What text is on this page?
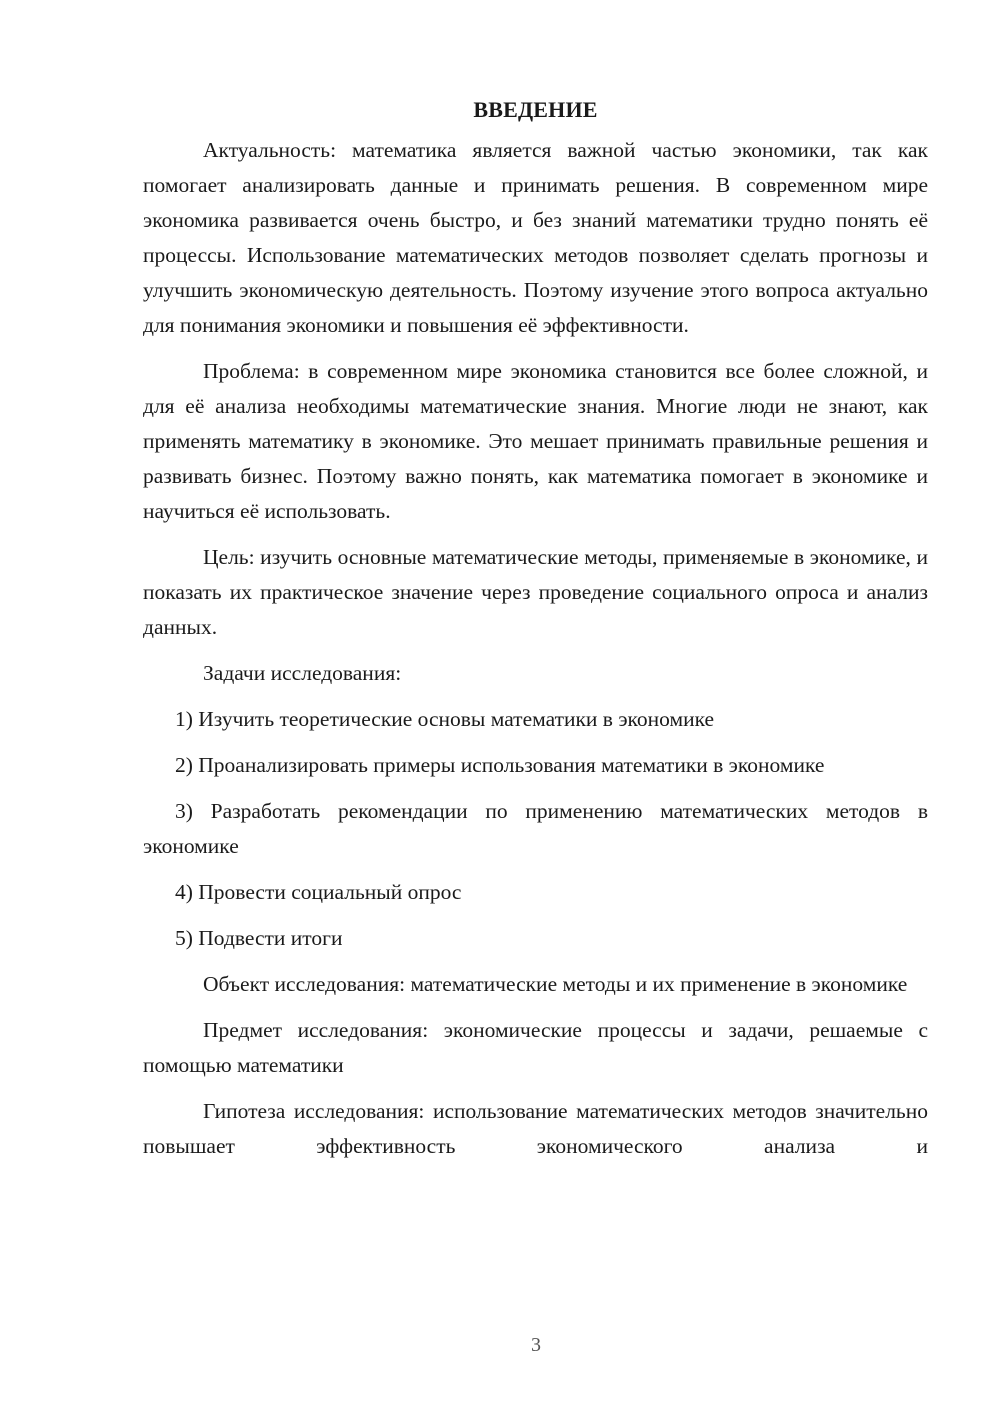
ВВЕДЕНИЕ

Актуальность: математика является важной частью экономики, так как помогает анализировать данные и принимать решения. В современном мире экономика развивается очень быстро, и без знаний математики трудно понять её процессы. Использование математических методов позволяет сделать прогнозы и улучшить экономическую деятельность. Поэтому изучение этого вопроса актуально для понимания экономики и повышения её эффективности.

Проблема: в современном мире экономика становится все более сложной, и для её анализа необходимы математические знания. Многие люди не знают, как применять математику в экономике. Это мешает принимать правильные решения и развивать бизнес. Поэтому важно понять, как математика помогает в экономике и научиться её использовать.

Цель: изучить основные математические методы, применяемые в экономике, и показать их практическое значение через проведение социального опроса и анализ данных.

Задачи исследования:

1) Изучить теоретические основы математики в экономике

2) Проанализировать примеры использования математики в экономике

3) Разработать рекомендации по применению математических методов в экономике

4) Провести социальный опрос

5) Подвести итоги

Объект исследования: математические методы и их применение в экономике

Предмет исследования: экономические процессы и задачи, решаемые с помощью математики

Гипотеза исследования: использование математических методов значительно повышает эффективность экономического анализа и

3
